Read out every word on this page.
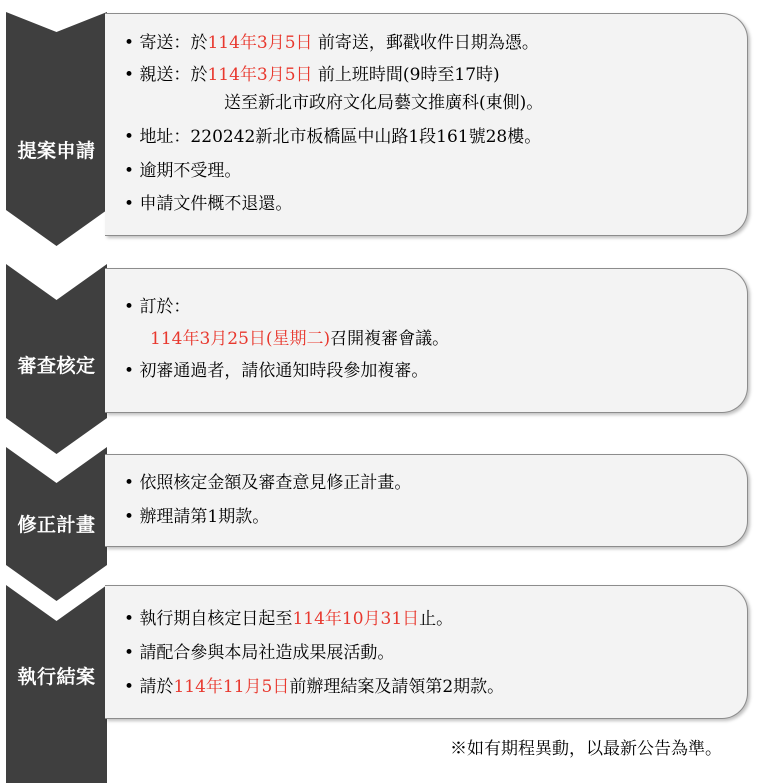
提案申請
• 寄送：於114年3月5日 前寄送，郵戳收件日期為憑。
• 親送：於114年3月5日 前上班時間(9時至17時)
送至新北市政府文化局藝文推廣科(東側)。
• 地址：220242新北市板橋區中山路1段161號28樓。
• 逾期不受理。
• 申請文件概不退還。
審查核定
• 訂於：
114年3月25日(星期二)召開複審會議。
• 初審通過者，請依通知時段參加複審。
修正計畫
• 依照核定金額及審查意見修正計畫。
• 辦理請第1期款。
執行結案
• 執行期自核定日起至114年10月31日止。
• 請配合參與本局社造成果展活動。
• 請於114年11月5日前辦理結案及請領第2期款。
※如有期程異動，以最新公告為準。
